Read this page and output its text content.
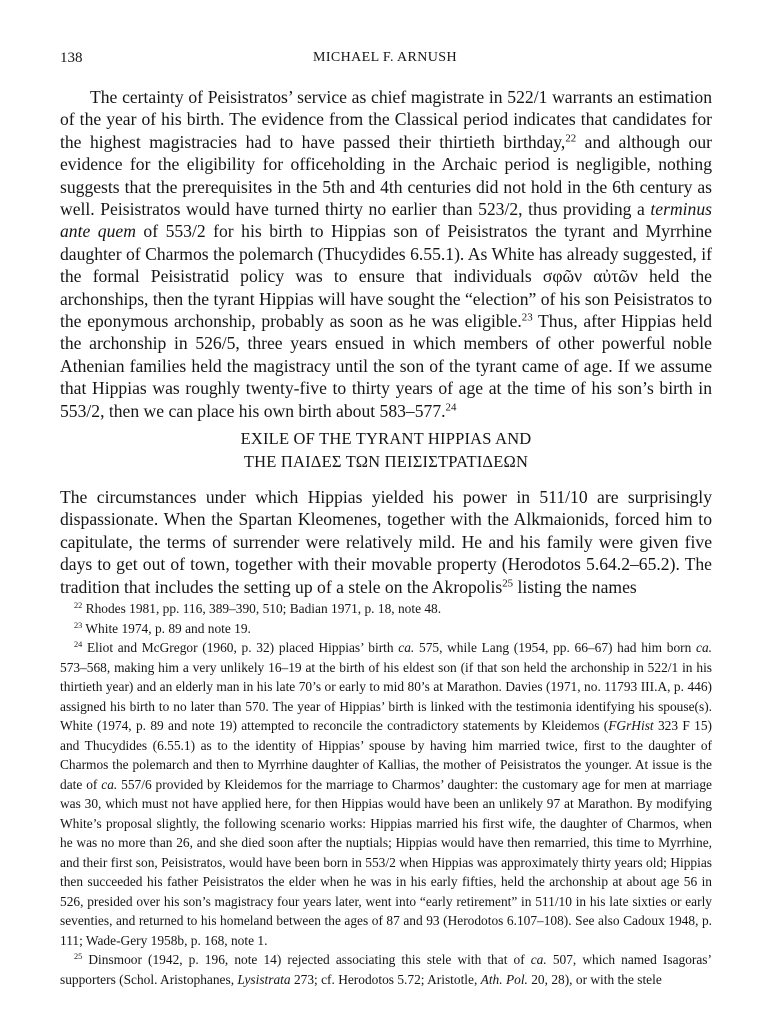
138	MICHAEL F. ARNUSH

The certainty of Peisistratos’ service as chief magistrate in 522/1 warrants an estimation of the year of his birth. The evidence from the Classical period indicates that candidates for the highest magistracies had to have passed their thirtieth birthday,$^{22}$ and although our evidence for the eligibility for officeholding in the Archaic period is negligible, nothing suggests that the prerequisites in the 5th and 4th centuries did not hold in the 6th century as well. Peisistratos would have turned thirty no earlier than 523/2, thus providing a terminus ante quem of 553/2 for his birth to Hippias son of Peisistratos the tyrant and Myrrhine daughter of Charmos the polemarch (Thucydides 6.55.1). As White has already suggested, if the formal Peisistratid policy was to ensure that individuals σφῶν αὐτῶν held the archonships, then the tyrant Hippias will have sought the “election” of his son Peisistratos to the eponymous archonship, probably as soon as he was eligible.$^{23}$ Thus, after Hippias held the archonship in 526/5, three years ensued in which members of other powerful noble Athenian families held the magistracy until the son of the tyrant came of age. If we assume that Hippias was roughly twenty-five to thirty years of age at the time of his son’s birth in 553/2, then we can place his own birth about 583–577.24

EXILE OF THE TYRANT HIPPIAS AND
THE ΠΑΙΔΕΣ ΤΩΝ ΠΕΙΣΙΣΤΡΑΤΙΔΕΩΝ

The circumstances under which Hippias yielded his power in 511/10 are surprisingly dispassionate. When the Spartan Kleomenes, together with the Alkmaionids, forced him to capitulate, the terms of surrender were relatively mild. He and his family were given five days to get out of town, together with their movable property (Herodotos 5.64.2–65.2). The tradition that includes the setting up of a stele on the Akropolis$^{25}$ listing the names

$^{22}$ Rhodes 1981, pp. 116, 389–390, 510; Badian 1971, p. 18, note 48.

$^{23}$ White 1974, p. 89 and note 19.

$^{24}$ Eliot and McGregor (1960, p. 32) placed Hippias’ birth ca. 575, while Lang (1954, pp. 66–67) had him born ca. 573–568, making him a very unlikely 16–19 at the birth of his eldest son (if that son held the archonship in 522/1 in his thirtieth year) and an elderly man in his late 70’s or early to mid 80’s at Marathon. Davies (1971, no. 11793 III.A, p. 446) assigned his birth to no later than 570. The year of Hippias’ birth is linked with the testimonia identifying his spouse(s). White (1974, p. 89 and note 19) attempted to reconcile the contradictory statements by Kleidemos (FGrHist 323 F 15) and Thucydides (6.55.1) as to the identity of Hippias’ spouse by having him married twice, first to the daughter of Charmos the polemarch and then to Myrrhine daughter of Kallias, the mother of Peisistratos the younger. At issue is the date of ca. 557/6 provided by Kleidemos for the marriage to Charmos’ daughter: the customary age for men at marriage was 30, which must not have applied here, for then Hippias would have been an unlikely 97 at Marathon. By modifying White’s proposal slightly, the following scenario works: Hippias married his first wife, the daughter of Charmos, when he was no more than 26, and she died soon after the nuptials; Hippias would have then remarried, this time to Myrrhine, and their first son, Peisistratos, would have been born in 553/2 when Hippias was approximately thirty years old; Hippias then succeeded his father Peisistratos the elder when he was in his early fifties, held the archonship at about age 56 in 526, presided over his son’s magistracy four years later, went into “early retirement” in 511/10 in his late sixties or early seventies, and returned to his homeland between the ages of 87 and 93 (Herodotos 6.107–108). See also Cadoux 1948, p. 111; Wade-Gery 1958b, p. 168, note 1.

$^{25}$ Dinsmoor (1942, p. 196, note 14) rejected associating this stele with that of ca. 507, which named Isagoras’ supporters (Schol. Aristophanes, Lysistrata 273; cf. Herodotos 5.72; Aristotle, Ath. Pol. 20, 28), or with the stele
